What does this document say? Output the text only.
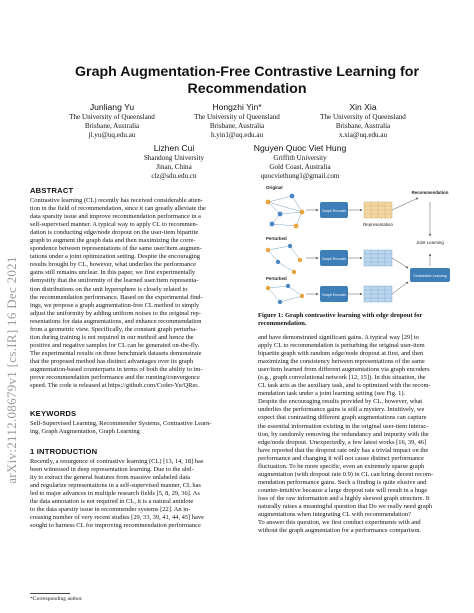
arXiv:2112.08679v1 [cs.IR] 16 Dec 2021
Graph Augmentation-Free Contrastive Learning for
Recommendation
Junliang Yu
The University of Queensland
Brisbane, Australia
jl.yu@uq.edu.au
Hongzhi Yin*
The University of Queensland
Brisbane, Australia
h.yin1@uq.edu.au
Xin Xia
The University of Queensland
Brisbane, Australia
x.xia@uq.edu.au
Lizhen Cui
Shandong University
Jinan, China
clz@sdu.edu.cn
Nguyen Quoc Viet Hung
Griffith University
Gold Coast, Australia
quocviethung1@gmail.com
ABSTRACT

Contrastive learning (CL) recently has received considerable atten-

tion in the field of recommendation, since it can greatly alleviate the

data sparsity issue and improve recommendation performance in a

self-supervised manner. A typical way to apply CL to recommen-

dation is conducting edge/node dropout on the user-item bipartite

graph to augment the graph data and then maximizing the corre-

spondence between representations of the same user/item augmen-

tations under a joint optimization setting. Despite the encouraging

results brought by CL, however, what underlies the performance

gains still remains unclear. In this paper, we first experimentally

demystify that the uniformity of the learned user/item representa-

tion distributions on the unit hypersphere is closely related to

the recommendation performance. Based on the experimental find-

ings, we propose a graph augmentation-free CL method to simply

adjust the uniformity by adding uniform noises to the original rep-

resentations for data augmentations, and enhance recommendation

from a geometric view. Specifically, the constant graph perturba-

tion during training is not required in our method and hence the

positive and negative samples for CL can be generated on-the-fly.

The experimental results on three benchmark datasets demonstrate

that the proposed method has distinct advantages over its graph

augmentation-based counterparts in terms of both the ability to im-

prove recommendation performance and the running/convergence

speed. The code is released at https://github.com/Coder-Yu/QRec.

KEYWORDS

Self-Supervised Learning, Recommender Systems, Contrastive Learn-

ing, Graph Augmentation, Graph Learning

1 INTRODUCTION

Recently, a resurgence of contrastive learning (CL) [13, 14, 18] has

been witnessed in deep representation learning. Due to the abil-

ity to extract the general features from massive unlabeled data

and regularize representations in a self-supervised manner, CL has

led to major advances in multiple research fields [5, 8, 29, 36]. As

the data annotation is not required in CL, it is a natural antidote

to the data sparsity issue in recommender systems [22]. An in-

creasing number of very recent studies [29, 33, 39, 41, 44, 45] have

sought to harness CL for improving recommendation performance

*Corresponding author.
Original
Perturbed
Perturbed
Graph Encoder
Graph Encoder
Graph Encoder
Representation
Recommendation
Joint Learning
Contrastive Learning
Figure 1: Graph contrastive learning with edge dropout for recommendation.

and have demonstrated significant gains. A typical way [29] to

apply CL to recommendation is perturbing the original user-item

bipartite graph with random edge/node dropout at first, and then

maximizing the consistency between representations of the same

user/item learned from different augmentations via graph encoders

(e.g., graph convolutional network [12, 15]). In this situation, the

CL task acts as the auxiliary task, and is optimized with the recom-

mendation task under a joint learning setting (see Fig. 1).

Despite the encouraging results provided by CL, however, what

underlies the performance gains is still a mystery. Intuitively, we

expect that contrasting different graph augmentations can capture

the essential information existing in the original user-item interac-

tion, by randomly removing the redundancy and impurity with the

edge/node dropout. Unexpectedly, a few latest works [16, 39, 46]

have reported that the dropout rate only has a trivial impact on the

performance and changing it will not cause distinct performance

fluctuation. To be more specific, even an extremely sparse graph

augmentation (with dropout rate 0.9) in CL can bring decent recom-

mendation performance gains. Such a finding is quite elusive and

counter-intuitive because a large dropout rate will result in a huge

loss of the raw information and a highly skewed graph structure. It

naturally raises a meaningful question that Do we really need graph

augmentations when integrating CL with recommendation?

To answer this question, we first conduct experiments with and

without the graph augmentation for a performance comparison.
